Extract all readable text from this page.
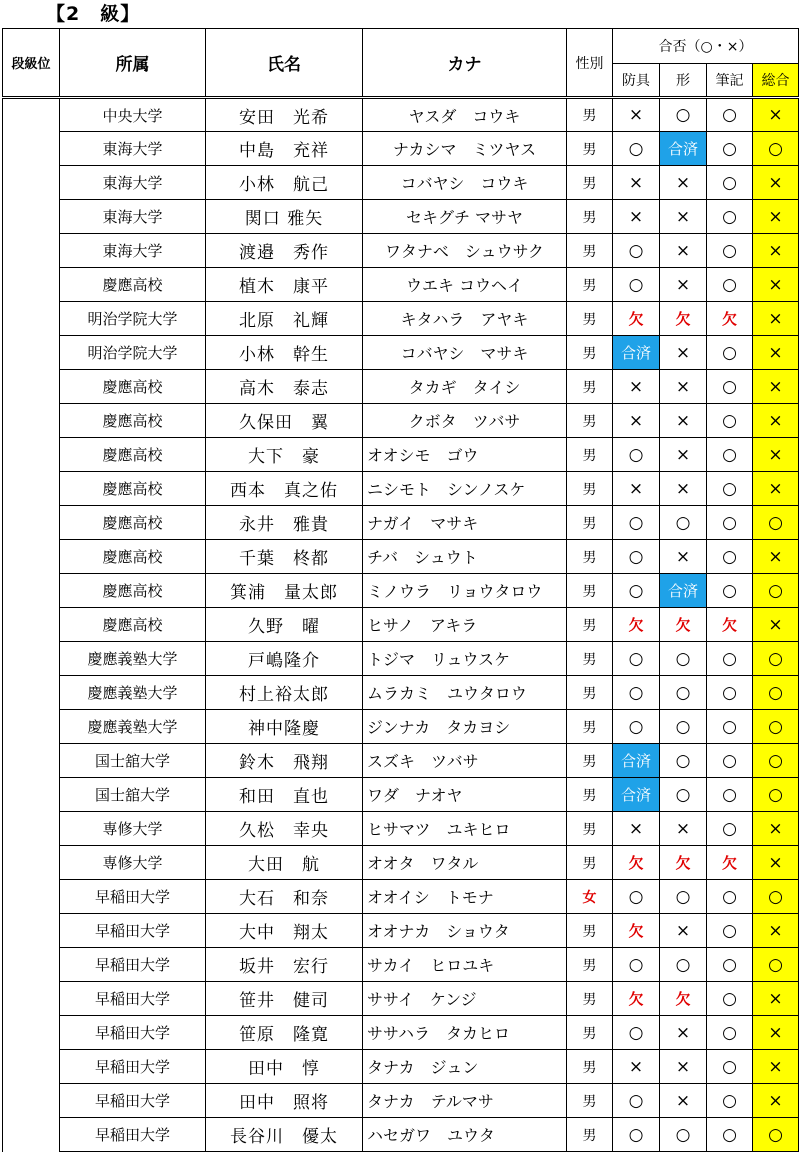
【2　級】
段級位	所属	氏名	カナ	性別	合否（○・×）			
					防具	形	筆記	総合
	中央大学	安田　光希	ヤスダ　コウキ	男	×	○	○	×
	東海大学	中島　充祥	ナカシマ　ミツヤス	男	○	合済	○	○
	東海大学	小林　航己	コバヤシ　コウキ	男	×	×	○	×
	東海大学	関口 雅矢	セキグチ マサヤ	男	×	×	○	×
	東海大学	渡邉　秀作	ワタナベ　シュウサク	男	○	×	○	×
	慶應高校	植木　康平	ウエキ コウヘイ	男	○	×	○	×
	明治学院大学	北原　礼輝	キタハラ　アヤキ	男	欠	欠	欠	×
	明治学院大学	小林　幹生	コバヤシ　マサキ	男	合済	×	○	×
	慶應高校	高木　泰志	タカギ　タイシ	男	×	×	○	×
	慶應高校	久保田　翼	クボタ　ツバサ	男	×	×	○	×
	慶應高校	大下　豪	オオシモ　ゴウ	男	○	×	○	×
	慶應高校	西本　真之佑	ニシモト　シンノスケ	男	×	×	○	×
	慶應高校	永井　雅貴	ナガイ　マサキ	男	○	○	○	○
	慶應高校	千葉　柊都	チバ　シュウト	男	○	×	○	×
	慶應高校	箕浦　量太郎	ミノウラ　リョウタロウ	男	○	合済	○	○
	慶應高校	久野　曜	ヒサノ　アキラ	男	欠	欠	欠	×
	慶應義塾大学	戸嶋隆介	トジマ　リュウスケ	男	○	○	○	○
	慶應義塾大学	村上裕太郎	ムラカミ　ユウタロウ	男	○	○	○	○
	慶應義塾大学	神中隆慶	ジンナカ　タカヨシ	男	○	○	○	○
	国士舘大学	鈴木　飛翔	スズキ　ツバサ	男	合済	○	○	○
	国士舘大学	和田　直也	ワダ　ナオヤ	男	合済	○	○	○
	専修大学	久松　幸央	ヒサマツ　ユキヒロ	男	×	×	○	×
	専修大学	大田　航	オオタ　ワタル	男	欠	欠	欠	×
	早稲田大学	大石　和奈	オオイシ　トモナ	女	○	○	○	○
	早稲田大学	大中　翔太	オオナカ　ショウタ	男	欠	×	○	×
	早稲田大学	坂井　宏行	サカイ　ヒロユキ	男	○	○	○	○
	早稲田大学	笹井　健司	ササイ　ケンジ	男	欠	欠	○	×
	早稲田大学	笹原　隆寛	ササハラ　タカヒロ	男	○	×	○	×
	早稲田大学	田中　惇	タナカ　ジュン	男	×	×	○	×
	早稲田大学	田中　照将	タナカ　テルマサ	男	○	×	○	×
	早稲田大学	長谷川　優太	ハセガワ　ユウタ	男	○	○	○	○
